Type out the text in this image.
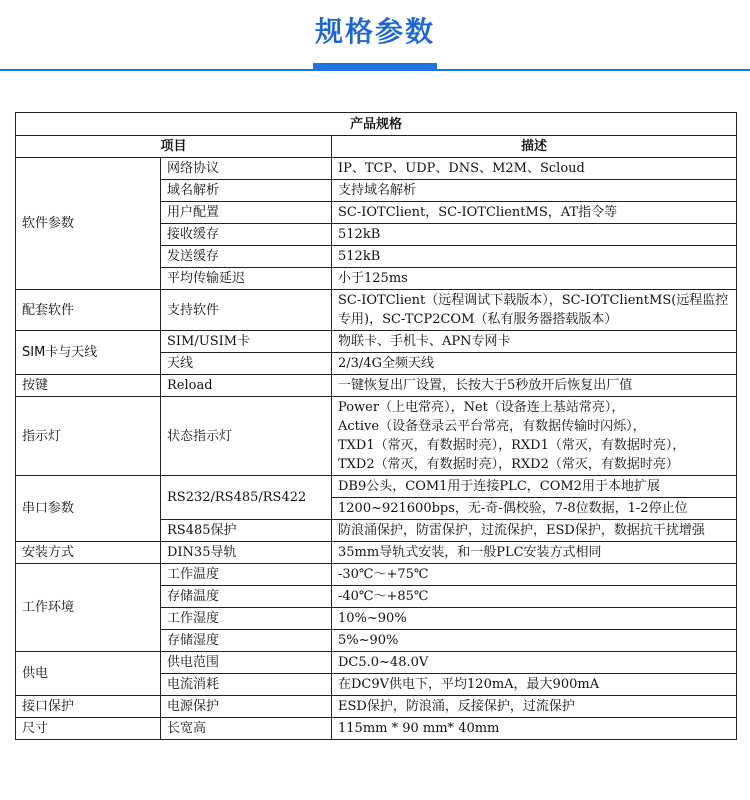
规格参数
产品规格		
项目		描述
软件参数	网络协议	IP、TCP、UDP、DNS、M2M、Scloud
	域名解析	支持域名解析
	用户配置	SC-IOTClient，SC-IOTClientMS，AT指令等
	接收缓存	512kB
	发送缓存	512kB
	平均传输延迟	小于125ms
配套软件	支持软件	SC-IOTClient（远程调试下载版本），SC-IOTClientMS(远程监控专用)，SC-TCP2COM（私有服务器搭载版本）
SIM卡与天线	SIM/USIM卡	物联卡、手机卡、APN专网卡
	天线	2/3/4G全频天线
按键	Reload	一键恢复出厂设置，长按大于5秒放开后恢复出厂值
指示灯	状态指示灯	Power（上电常亮），Net（设备连上基站常亮），
Active（设备登录云平台常亮，有数据传输时闪烁），
TXD1（常灭，有数据时亮），RXD1（常灭，有数据时亮），
TXD2（常灭，有数据时亮），RXD2（常灭，有数据时亮）

串口参数	RS232/RS485/RS422	DB9公头，COM1用于连接PLC，COM2用于本地扩展
		1200~921600bps，无-奇-偶校验，7-8位数据，1-2停止位
	RS485保护	防浪涌保护，防雷保护，过流保护，ESD保护，数据抗干扰增强
安装方式	DIN35导轨	35mm导轨式安装，和一般PLC安装方式相同
工作环境	工作温度	-30℃～+75℃
	存储温度	-40℃～+85℃
	工作湿度	10%~90%
	存储湿度	5%~90%
供电	供电范围	DC5.0~48.0V
	电流消耗	在DC9V供电下，平均120mA，最大900mA
接口保护	电源保护	ESD保护，防浪涌，反接保护，过流保护
尺寸	长宽高	115mm * 90 mm* 40mm
